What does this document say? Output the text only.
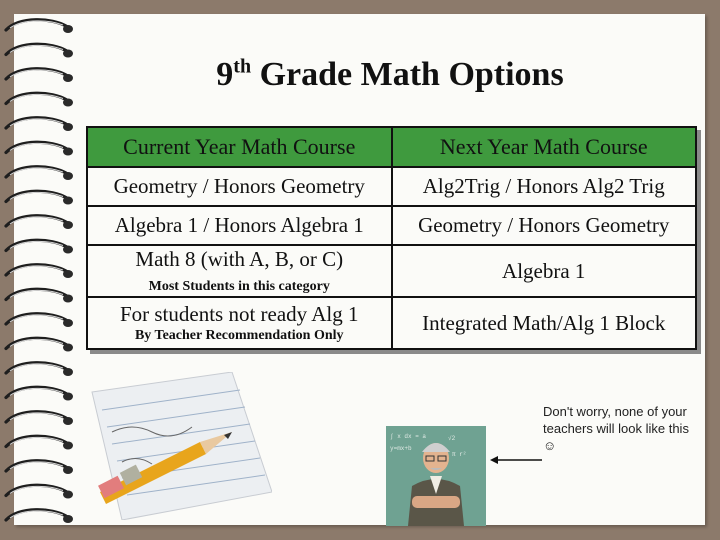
9th Grade Math Options
Current Year Math Course	Next Year Math Course
Geometry / Honors Geometry	Alg2Trig / Honors Alg2 Trig
Algebra 1 / Honors Algebra 1	Geometry / Honors Geometry

Math 8 (with A, B, or C)
Most Students in this category	Algebra 1

For students not ready Alg 1
By Teacher Recommendation Only	Integrated Math/Alg 1 Block
∫ x dx = a
y=mx+b
√2
π r²
Don't worry, none of your teachers will look like this☺
